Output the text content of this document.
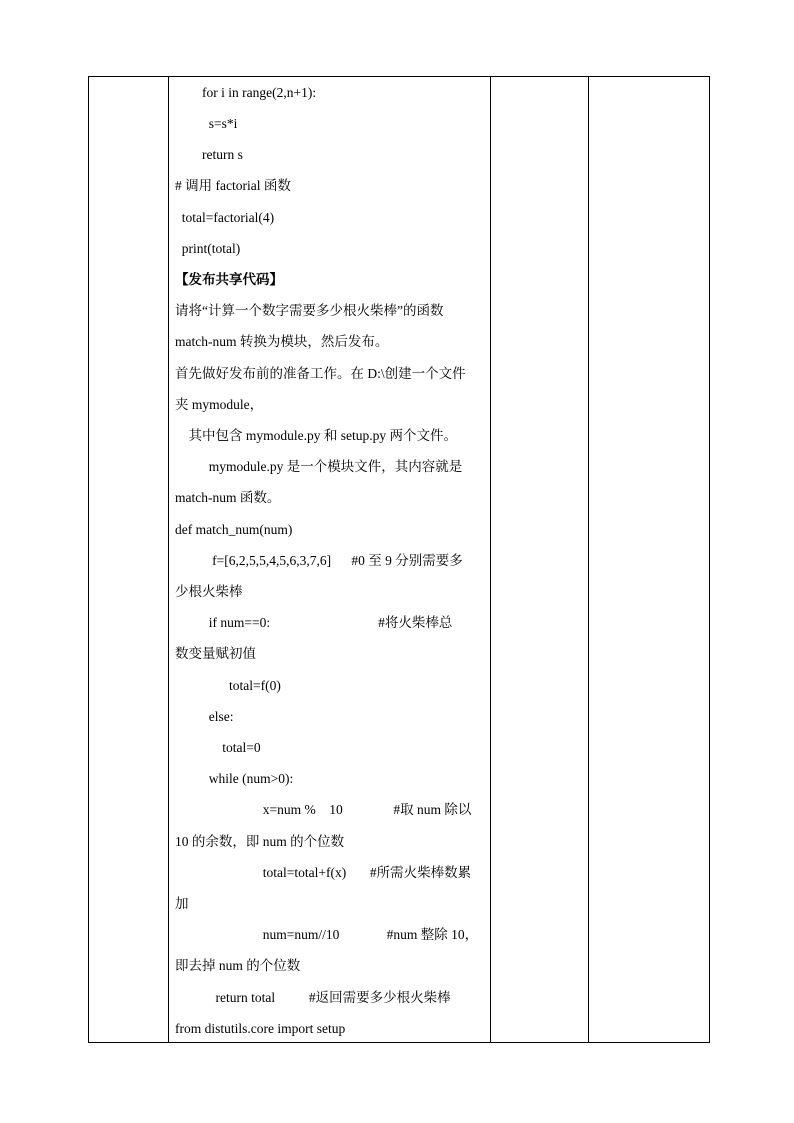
for i in range(2,n+1):
s=s*i
return s
# 调用 factorial 函数
total=factorial(4)
print(total)
【发布共享代码】
请将“计算一个数字需要多少根火柴棒”的函数
match-num 转换为模块，然后发布。
首先做好发布前的准备工作。在 D:\创建一个文件
夹 mymodule，
其中包含 mymodule.py 和 setup.py 两个文件。
mymodule.py 是一个模块文件，其内容就是
match-num 函数。
def match_num(num)
f=[6,2,5,5,4,5,6,3,7,6]      #0 至 9 分别需要多
少根火柴棒
if num==0:                                #将火柴棒总
数变量赋初值
total=f(0)
else:
total=0
while (num>0):
x=num %    10               #取 num 除以
10 的余数，即 num 的个位数
total=total+f(x)       #所需火柴棒数累
加
num=num//10              #num 整除 10，
即去掉 num 的个位数
return total          #返回需要多少根火柴棒
from distutils.core import setup
